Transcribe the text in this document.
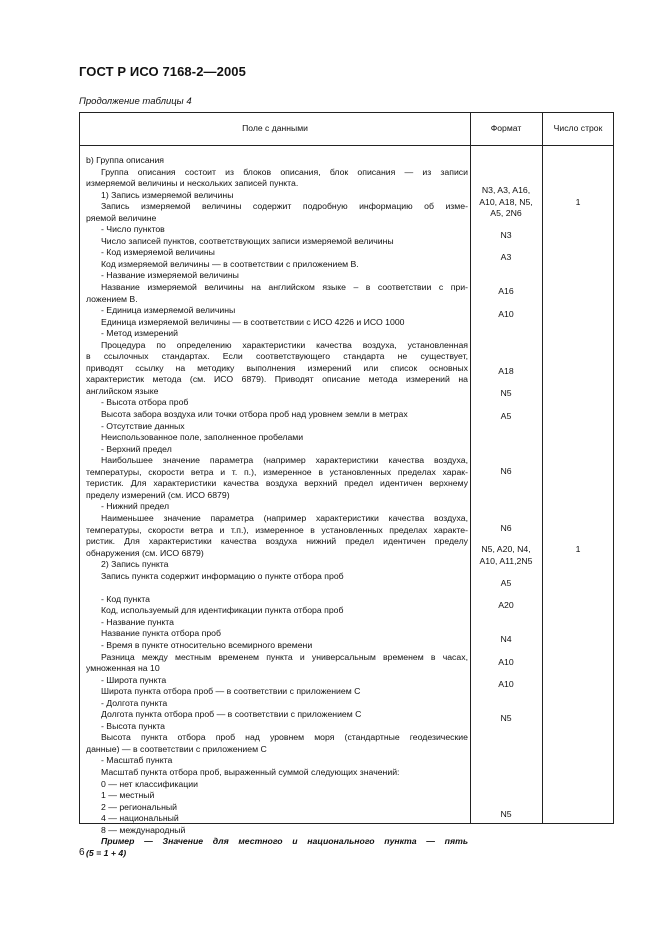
ГОСТ Р ИСО 7168-2—2005
Продолжение таблицы 4
Поле с данными	Формат	Число строк
b) Группа описания
Группа описания состоит из блоков описания, блок описания — из записи
измеряемой величины и нескольких записей пункта.
1) Запись измеряемой величины
Запись измеряемой величины содержит подробную информацию об изме-
ряемой величине
- Число пунктов
Число записей пунктов, соответствующих записи измеряемой величины
- Код измеряемой величины
Код измеряемой величины — в соответствии с приложением В.
- Название измеряемой величины
Название измеряемой величины на английском языке – в соответствии с при-
ложением В.
- Единица измеряемой величины
Единица измеряемой величины — в соответствии с ИСО 4226 и ИСО 1000
- Метод измерений
Процедура по определению характеристики качества воздуха, установленная
в ссылочных стандартах. Если соответствующего стандарта не существует,
приводят ссылку на методику выполнения измерений или список основных
характеристик метода (см. ИСО 6879). Приводят описание метода измерений на
английском языке
- Высота отбора проб
Высота забора воздуха или точки отбора проб над уровнем земли в метрах
- Отсутствие данных
Неиспользованное поле, заполненное пробелами
- Верхний предел
Наибольшее значение параметра (например характеристики качества воздуха,
температуры, скорости ветра и т. п.), измеренное в установленных пределах харак-
теристик. Для характеристики качества воздуха верхний предел идентичен верхнему
пределу измерений (см. ИСО 6879)
- Нижний предел
Наименьшее значение параметра (например характеристики качества воздуха,
температуры, скорости ветра и т.п.), измеренное в установленных пределах характе-
ристик. Для характеристики качества воздуха нижний предел идентичен пределу
обнаружения (см. ИСО 6879)
2) Запись пункта
Запись пункта содержит информацию о пункте отбора проб
- Код пункта
Код, используемый для идентификации пункта отбора проб
- Название пункта
Название пункта отбора проб
- Время в пункте относительно всемирного времени
Разница между местным временем пункта и универсальным временем в часах,
умноженная на 10
- Широта пункта
Широта пункта отбора проб — в соответствии с приложением С
- Долгота пункта
Долгота пункта отбора проб — в соответствии с приложением С
- Высота пункта
Высота пункта отбора проб над уровнем моря (стандартные геодезические
данные) — в соответствии с приложением С
- Масштаб пункта
Масштаб пункта отбора проб, выраженный суммой следующих значений:
0 — нет классификации
1 — местный
2 — региональный
4 — национальный
8 — международный
Пример — Значение для местного и национального пункта — пять
(5 = 1 + 4)
N3, A3, A16,
A10, A18, N5,
A5, 2N6
N3
A3
A16
A10
A18
N5
A5
N6
N6
N5, A20, N4,
A10, A11,2N5
A5
A20
N4
A10
A10
N5
N5
1
1
6
